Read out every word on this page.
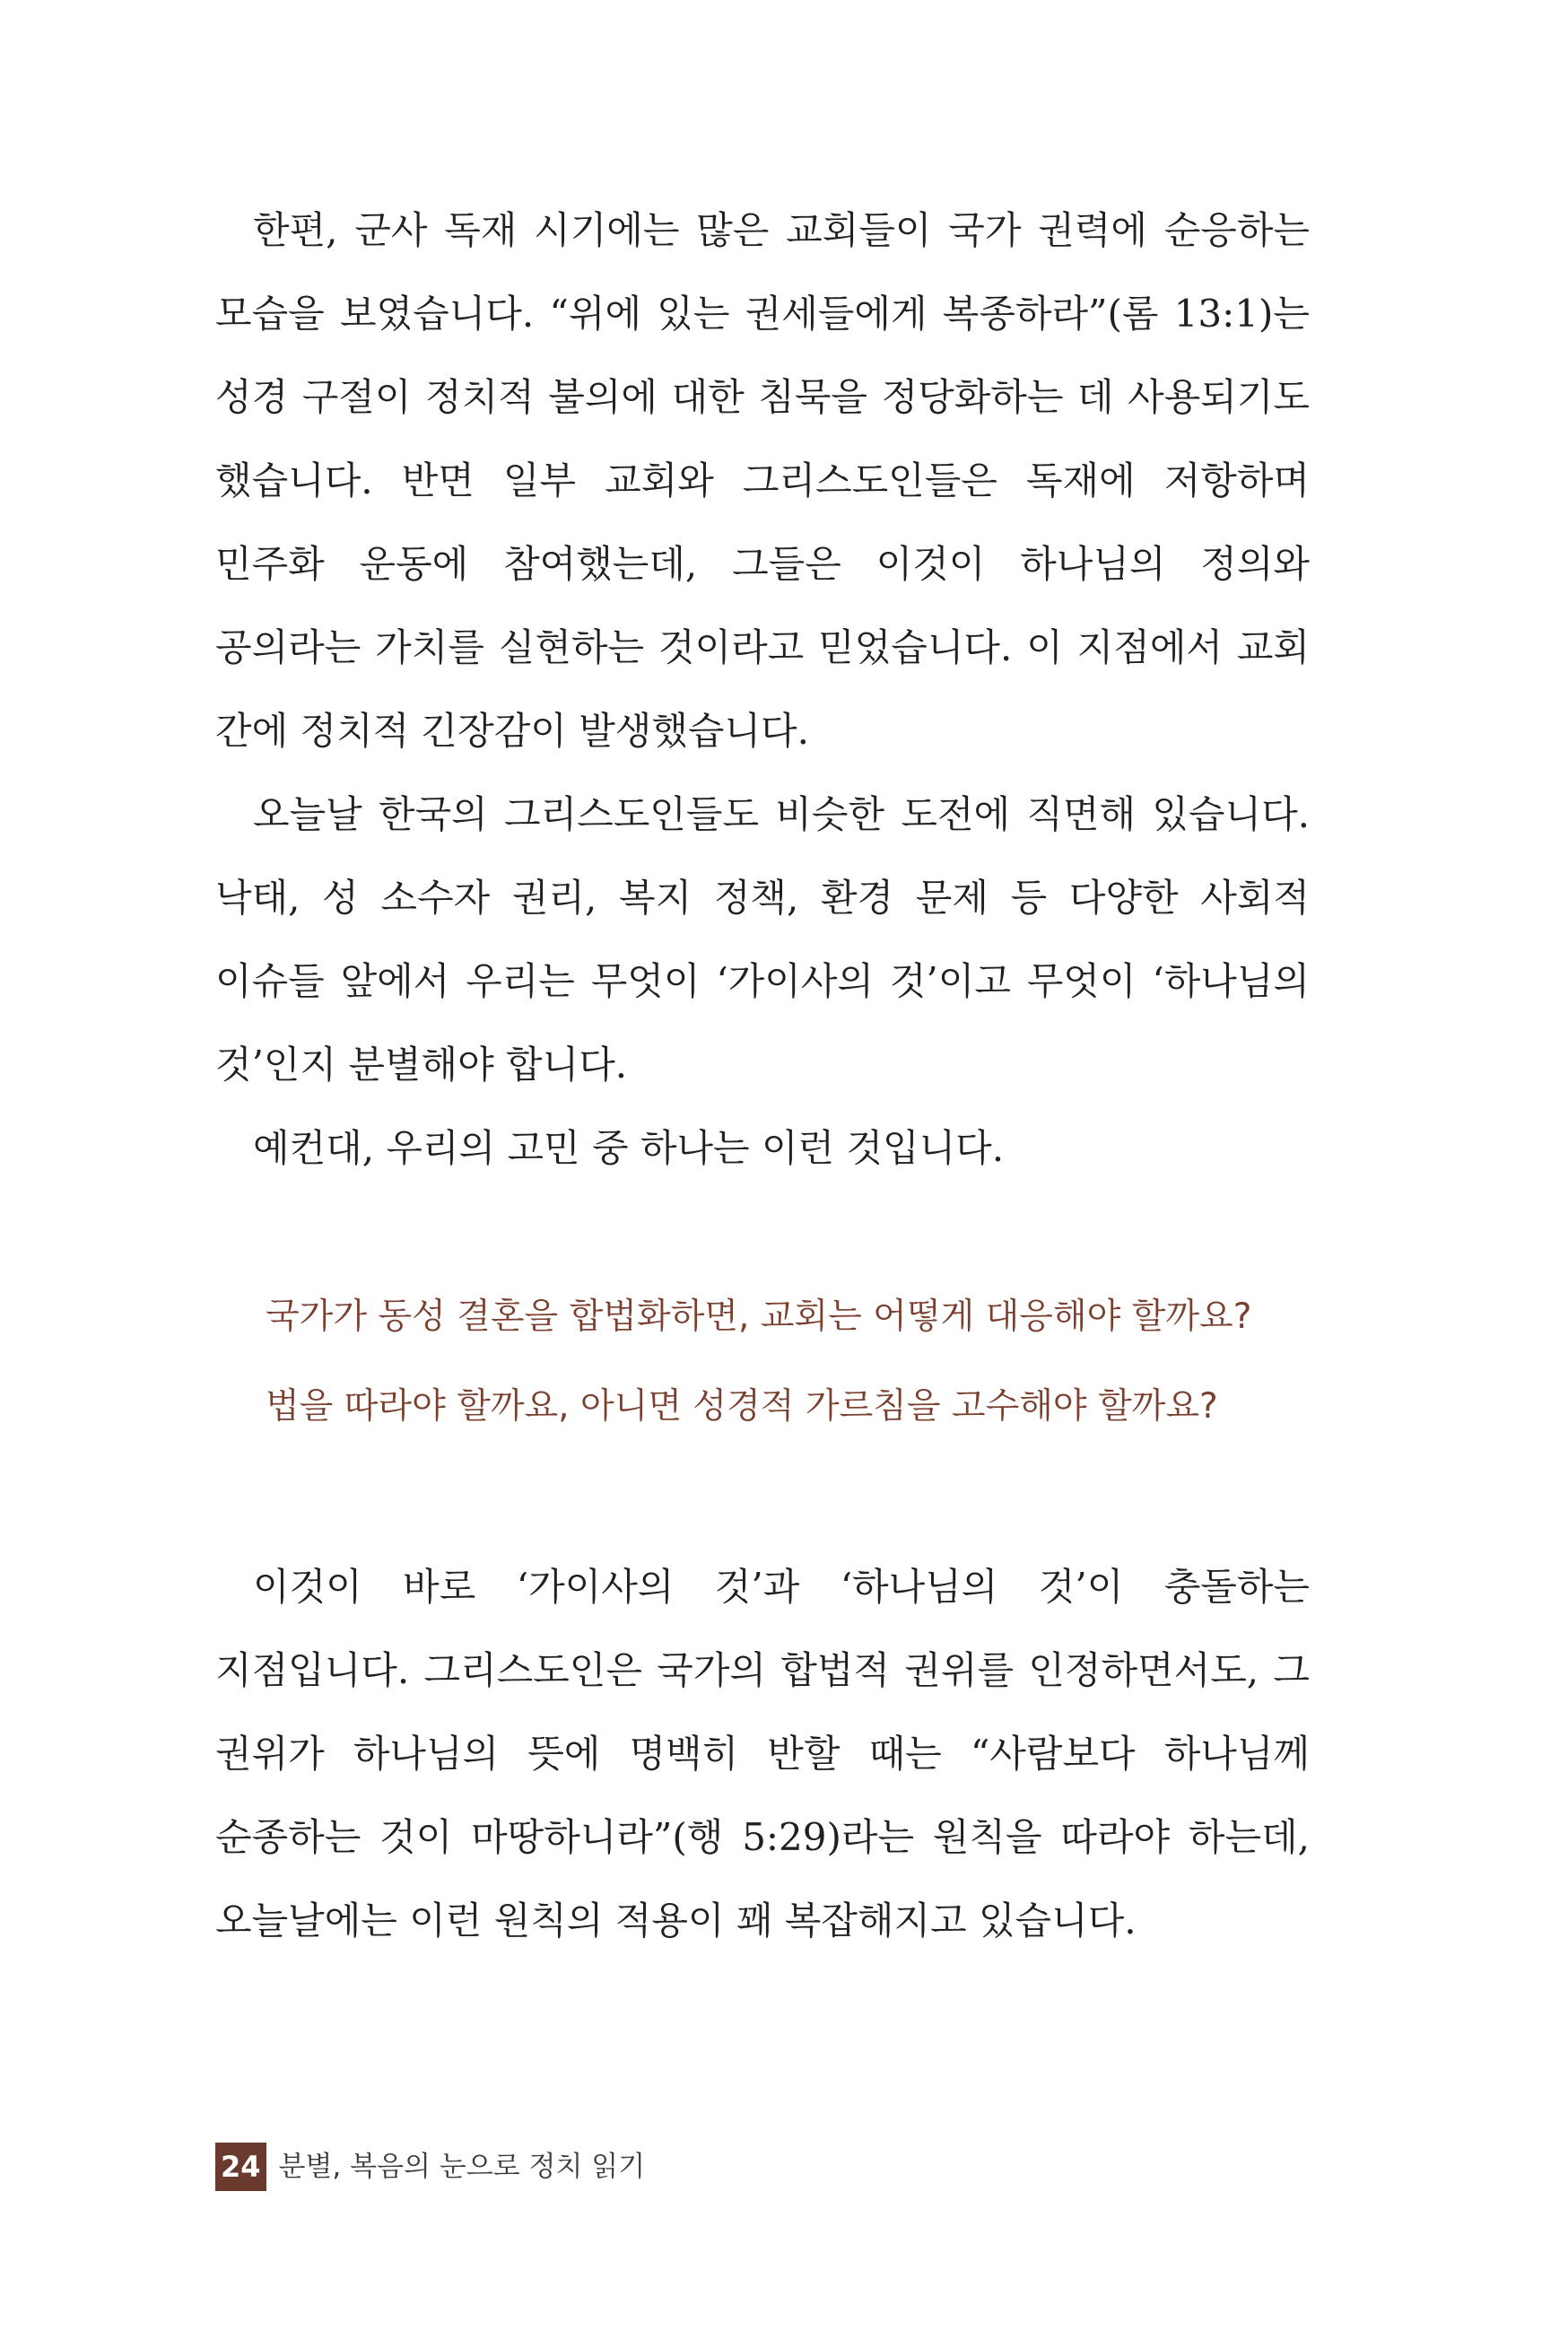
한편, 군사 독재 시기에는 많은 교회들이 국가 권력에 순응하는 모습을 보였습니다. “위에 있는 권세들에게 복종하라”(롬 13:1)는 성경 구절이 정치적 불의에 대한 침묵을 정당화하는 데 사용되기도 했습니다. 반면 일부 교회와 그리스도인들은 독재에 저항하며 민주화 운동에 참여했는데, 그들은 이것이 하나님의 정의와 공의라는 가치를 실현하는 것이라고 믿었습니다. 이 지점에서 교회 간에 정치적 긴장감이 발생했습니다.

오늘날 한국의 그리스도인들도 비슷한 도전에 직면해 있습니다. 낙태, 성 소수자 권리, 복지 정책, 환경 문제 등 다양한 사회적 이슈들 앞에서 우리는 무엇이 ‘가이사의 것’이고 무엇이 ‘하나님의 것’인지 분별해야 합니다.

예컨대, 우리의 고민 중 하나는 이런 것입니다.

국가가 동성 결혼을 합법화하면, 교회는 어떻게 대응해야 할까요? 법을 따라야 할까요, 아니면 성경적 가르침을 고수해야 할까요?

이것이 바로 ‘가이사의 것’과 ‘하나님의 것’이 충돌하는 지점입니다. 그리스도인은 국가의 합법적 권위를 인정하면서도, 그 권위가 하나님의 뜻에 명백히 반할 때는 “사람보다 하나님께 순종하는 것이 마땅하니라”(행 5:29)라는 원칙을 따라야 하는데, 오늘날에는 이런 원칙의 적용이 꽤 복잡해지고 있습니다.

24 분별, 복음의 눈으로 정치 읽기
